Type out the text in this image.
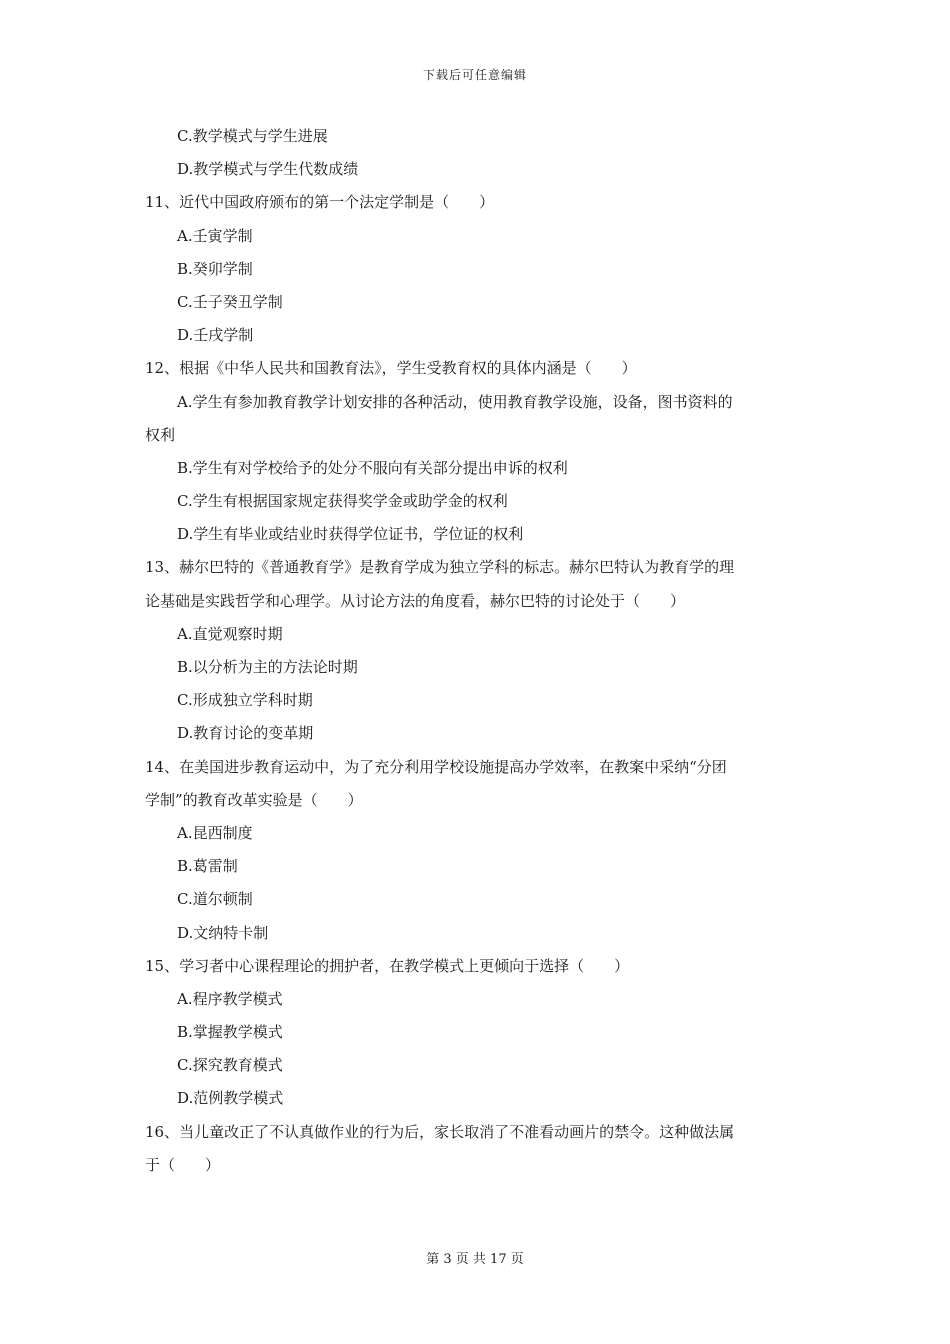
下载后可任意编辑
C.教学模式与学生进展
D.教学模式与学生代数成绩
11、近代中国政府颁布的第一个法定学制是（　　）
A.壬寅学制
B.癸卯学制
C.壬子癸丑学制
D.壬戌学制
12、根据《中华人民共和国教育法》，学生受教育权的具体内涵是（　　）
A.学生有参加教育教学计划安排的各种活动，使用教育教学设施，设备，图书资料的
权利
B.学生有对学校给予的处分不服向有关部分提出申诉的权利
C.学生有根据国家规定获得奖学金或助学金的权利
D.学生有毕业或结业时获得学位证书，学位证的权利
13、赫尔巴特的《普通教育学》是教育学成为独立学科的标志。赫尔巴特认为教育学的理
论基础是实践哲学和心理学。从讨论方法的角度看，赫尔巴特的讨论处于（　　）
A.直觉观察时期
B.以分析为主的方法论时期
C.形成独立学科时期
D.教育讨论的变革期
14、在美国进步教育运动中，为了充分利用学校设施提高办学效率，在教案中采纳“分团
学制”的教育改革实验是（　　）
A.昆西制度
B.葛雷制
C.道尔顿制
D.文纳特卡制
15、学习者中心课程理论的拥护者，在教学模式上更倾向于选择（　　）
A.程序教学模式
B.掌握教学模式
C.探究教育模式
D.范例教学模式
16、当儿童改正了不认真做作业的行为后，家长取消了不准看动画片的禁令。这种做法属
于（　　）
第 3 页 共 17 页
